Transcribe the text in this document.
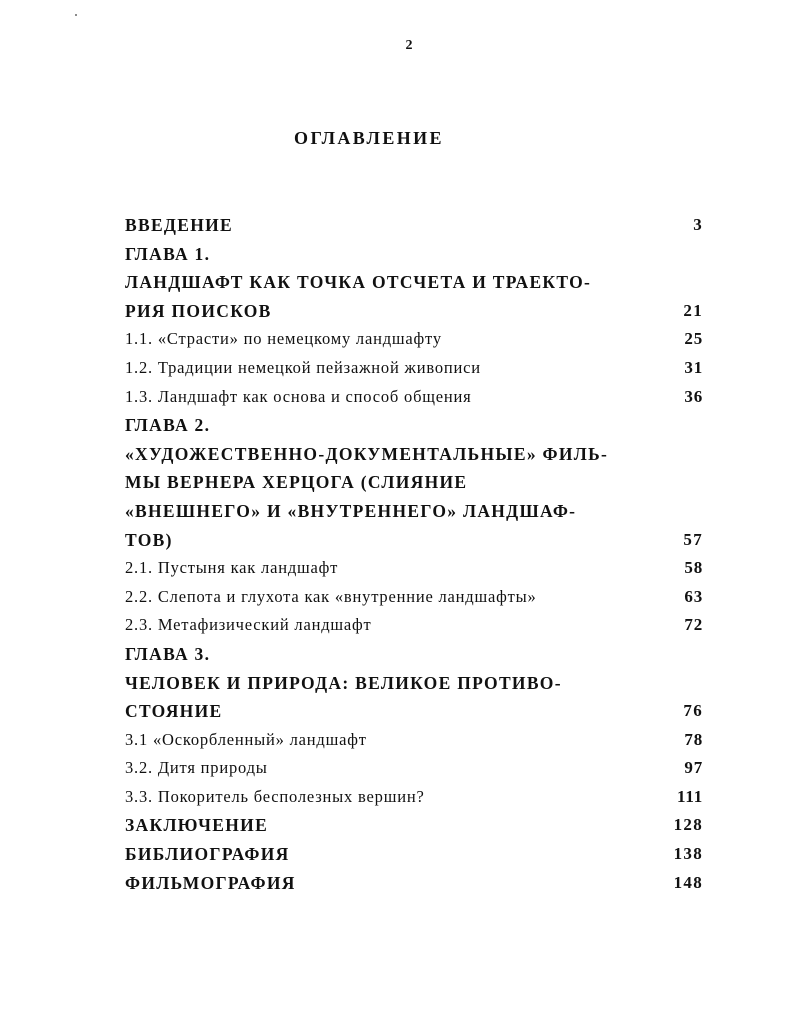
2
ОГЛАВЛЕНИЕ
ВВЕДЕНИЕ	3
ГЛАВА 1.
ЛАНДШАФТ КАК ТОЧКА ОТСЧЕТА И ТРАЕКТО-
РИЯ ПОИСКОВ	21
1.1. «Страсти» по немецкому ландшафту	25
1.2. Традиции немецкой пейзажной живописи	31
1.3. Ландшафт как основа и способ общения	36
ГЛАВА 2.
«ХУДОЖЕСТВЕННО-ДОКУМЕНТАЛЬНЫЕ» ФИЛЬ-
МЫ ВЕРНЕРА ХЕРЦОГА (СЛИЯНИЕ
«ВНЕШНЕГО» И «ВНУТРЕННЕГО» ЛАНДШАФ-
ТОВ)	57
2.1. Пустыня как ландшафт	58
2.2. Слепота и глухота как «внутренние ландшафты»	63
2.3. Метафизический ландшафт	72
ГЛАВА 3.
ЧЕЛОВЕК И ПРИРОДА: ВЕЛИКОЕ ПРОТИВО-
СТОЯНИЕ	76
3.1 «Оскорбленный» ландшафт	78
3.2. Дитя природы	97
3.3. Покоритель бесполезных вершин?	111
ЗАКЛЮЧЕНИЕ	128
БИБЛИОГРАФИЯ	138
ФИЛЬМОГРАФИЯ	148
